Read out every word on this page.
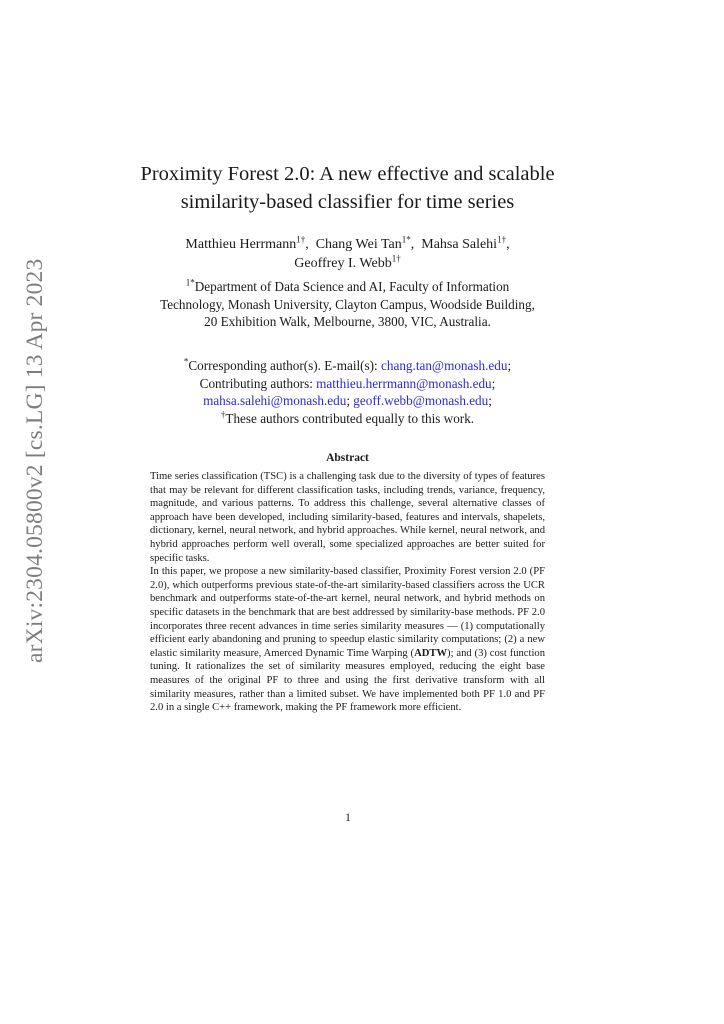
arXiv:2304.05800v2 [cs.LG] 13 Apr 2023
Proximity Forest 2.0: A new effective and scalable
similarity-based classifier for time series
Matthieu Herrmann$^{1\dagger}$,  Chang Wei Tan$^{1*}$,  Mahsa Salehi$^{1\dagger}$,
Geoffrey I. Webb$^{1\dagger}$
$^{1*}$Department of Data Science and AI, Faculty of Information
Technology, Monash University, Clayton Campus, Woodside Building,
20 Exhibition Walk, Melbourne, 3800, VIC, Australia.
*Corresponding author(s). E-mail(s): chang.tan@monash.edu;
Contributing authors: matthieu.herrmann@monash.edu;
mahsa.salehi@monash.edu; geoff.webb@monash.edu;
†These authors contributed equally to this work.
Abstract

Time series classification (TSC) is a challenging task due to the diversity of types of features that may be relevant for different classification tasks, including trends, variance, frequency, magnitude, and various patterns. To address this challenge, several alternative classes of approach have been developed, including similarity-based, features and intervals, shapelets, dictionary, kernel, neural network, and hybrid approaches. While kernel, neural network, and hybrid approaches perform well overall, some specialized approaches are better suited for specific tasks.

In this paper, we propose a new similarity-based classifier, Proximity Forest version 2.0 (PF 2.0), which outperforms previous state-of-the-art similarity-based classifiers across the UCR benchmark and outperforms state-of-the-art kernel, neural network, and hybrid methods on specific datasets in the benchmark that are best addressed by similarity-base methods. PF 2.0 incorporates three recent advances in time series similarity measures — (1) computationally efficient early abandoning and pruning to speedup elastic similarity computations; (2) a new elastic similarity measure, Amerced Dynamic Time Warping (ADTW); and (3) cost function tuning. It rationalizes the set of similarity measures employed, reducing the eight base measures of the original PF to three and using the first derivative transform with all similarity measures, rather than a limited subset. We have implemented both PF 1.0 and PF 2.0 in a single C++ framework, making the PF framework more efficient.

1
